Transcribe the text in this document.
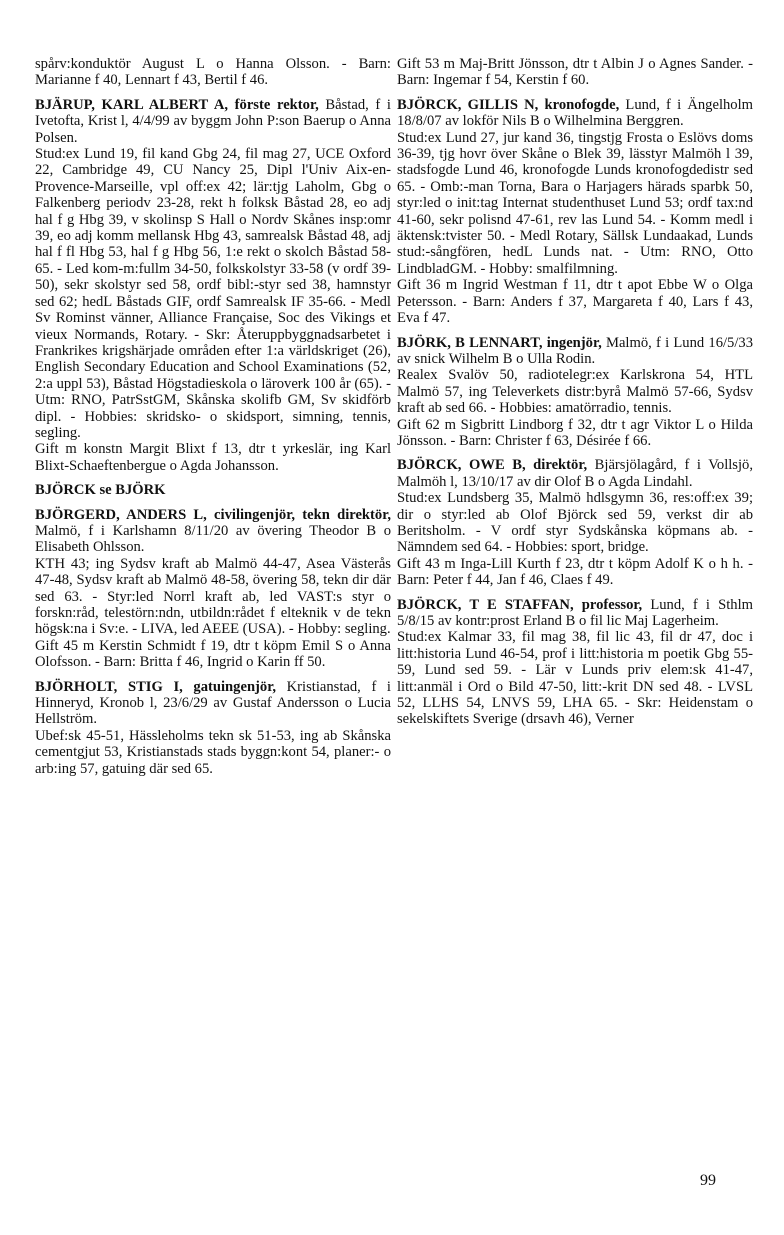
spårv:konduktör August L o Hanna Olsson. - Barn: Marianne f 40, Lennart f 43, Bertil f 46.

BJÄRUP, KARL ALBERT A, förste rektor, Båstad, f i Ivetofta, Krist l, 4/4/99 av byggm John P:son Baerup o Anna Polsen.

Stud:ex Lund 19, fil kand Gbg 24, fil mag 27, UCE Oxford 22, Cambridge 49, CU Nancy 25, Dipl l'Univ Aix-en-Provence-Marseille, vpl off:ex 42; lär:tjg Laholm, Gbg o Falkenberg periodv 23-28, rekt h folksk Båstad 28, eo adj hal f g Hbg 39, v skolinsp S Hall o Nordv Skånes insp:omr 39, eo adj komm mellansk Hbg 43, samrealsk Båstad 48, adj hal f fl Hbg 53, hal f g Hbg 56, 1:e rekt o skolch Båstad 58-65. - Led kom-m:fullm 34-50, folkskolstyr 33-58 (v ordf 39-50), sekr skolstyr sed 58, ordf bibl:-styr sed 38, hamnstyr sed 62; hedL Båstads GIF, ordf Samrealsk IF 35-66. - Medl Sv Rominst vänner, Alliance Française, Soc des Vikings et vieux Normands, Rotary. - Skr: Återuppbyggnadsarbetet i Frankrikes krigshärjade områden efter 1:a världskriget (26), English Secondary Education and School Examinations (52, 2:a uppl 53), Båstad Högstadieskola o läroverk 100 år (65). - Utm: RNO, PatrSstGM, Skånska skolifb GM, Sv skidförb dipl. - Hobbies: skridsko- o skidsport, simning, tennis, segling.

Gift m konstn Margit Blixt f 13, dtr t yrkeslär, ing Karl Blixt-Schaeftenbergue o Agda Johansson.

BJÖRCK se BJÖRK

BJÖRGERD, ANDERS L, civilingenjör, tekn direktör, Malmö, f i Karlshamn 8/11/20 av övering Theodor B o Elisabeth Ohlsson.

KTH 43; ing Sydsv kraft ab Malmö 44-47, Asea Västerås 47-48, Sydsv kraft ab Malmö 48-58, övering 58, tekn dir där sed 63. - Styr:led Norrl kraft ab, led VAST:s styr o forskn:råd, telestörn:ndn, utbildn:rådet f elteknik v de tekn högsk:na i Sv:e. - LIVA, led AEEE (USA). - Hobby: segling.

Gift 45 m Kerstin Schmidt f 19, dtr t köpm Emil S o Anna Olofsson. - Barn: Britta f 46, Ingrid o Karin ff 50.

BJÖRHOLT, STIG I, gatuingenjör, Kristianstad, f i Hinneryd, Kronob l, 23/6/29 av Gustaf Andersson o Lucia Hellström.

Ubef:sk 45-51, Hässleholms tekn sk 51-53, ing ab Skånska cementgjut 53, Kristianstads stads byggn:kont 54, planer:- o arb:ing 57, gatuing där sed 65.

Gift 53 m Maj-Britt Jönsson, dtr t Albin J o Agnes Sander. - Barn: Ingemar f 54, Kerstin f 60.

BJÖRCK, GILLIS N, kronofogde, Lund, f i Ängelholm 18/8/07 av lokför Nils B o Wilhelmina Berggren.

Stud:ex Lund 27, jur kand 36, tingstjg Frosta o Eslövs doms 36-39, tjg hovr över Skåne o Blek 39, lässtyr Malmöh l 39, stadsfogde Lund 46, kronofogde Lunds kronofogdedistr sed 65. - Omb:-man Torna, Bara o Harjagers härads sparbk 50, styr:led o init:tag Internat studenthuset Lund 53; ordf tax:nd 41-60, sekr polisnd 47-61, rev las Lund 54. - Komm medl i äktensk:tvister 50. - Medl Rotary, Sällsk Lundaakad, Lunds stud:-sångfören, hedL Lunds nat. - Utm: RNO, Otto LindbladGM. - Hobby: smalfilmning.

Gift 36 m Ingrid Westman f 11, dtr t apot Ebbe W o Olga Petersson. - Barn: Anders f 37, Margareta f 40, Lars f 43, Eva f 47.

BJÖRK, B LENNART, ingenjör, Malmö, f i Lund 16/5/33 av snick Wilhelm B o Ulla Rodin.

Realex Svalöv 50, radiotelegr:ex Karlskrona 54, HTL Malmö 57, ing Televerkets distr:byrå Malmö 57-66, Sydsv kraft ab sed 66. - Hobbies: amatörradio, tennis.

Gift 62 m Sigbritt Lindborg f 32, dtr t agr Viktor L o Hilda Jönsson. - Barn: Christer f 63, Désirée f 66.

BJÖRCK, OWE B, direktör, Bjärsjölagård, f i Vollsjö, Malmöh l, 13/10/17 av dir Olof B o Agda Lindahl.

Stud:ex Lundsberg 35, Malmö hdlsgymn 36, res:off:ex 39; dir o styr:led ab Olof Björck sed 59, verkst dir ab Beritsholm. - V ordf styr Sydskånska köpmans ab. - Nämndem sed 64. - Hobbies: sport, bridge.

Gift 43 m Inga-Lill Kurth f 23, dtr t köpm Adolf K o h h. - Barn: Peter f 44, Jan f 46, Claes f 49.

BJÖRCK, T E STAFFAN, professor, Lund, f i Sthlm 5/8/15 av kontr:prost Erland B o fil lic Maj Lagerheim.

Stud:ex Kalmar 33, fil mag 38, fil lic 43, fil dr 47, doc i litt:historia Lund 46-54, prof i litt:historia m poetik Gbg 55-59, Lund sed 59. - Lär v Lunds priv elem:sk 41-47, litt:anmäl i Ord o Bild 47-50, litt:-krit DN sed 48. - LVSL 52, LLHS 54, LNVS 59, LHA 65. - Skr: Heidenstam o sekelskiftets Sverige (drsavh 46), Verner

99
